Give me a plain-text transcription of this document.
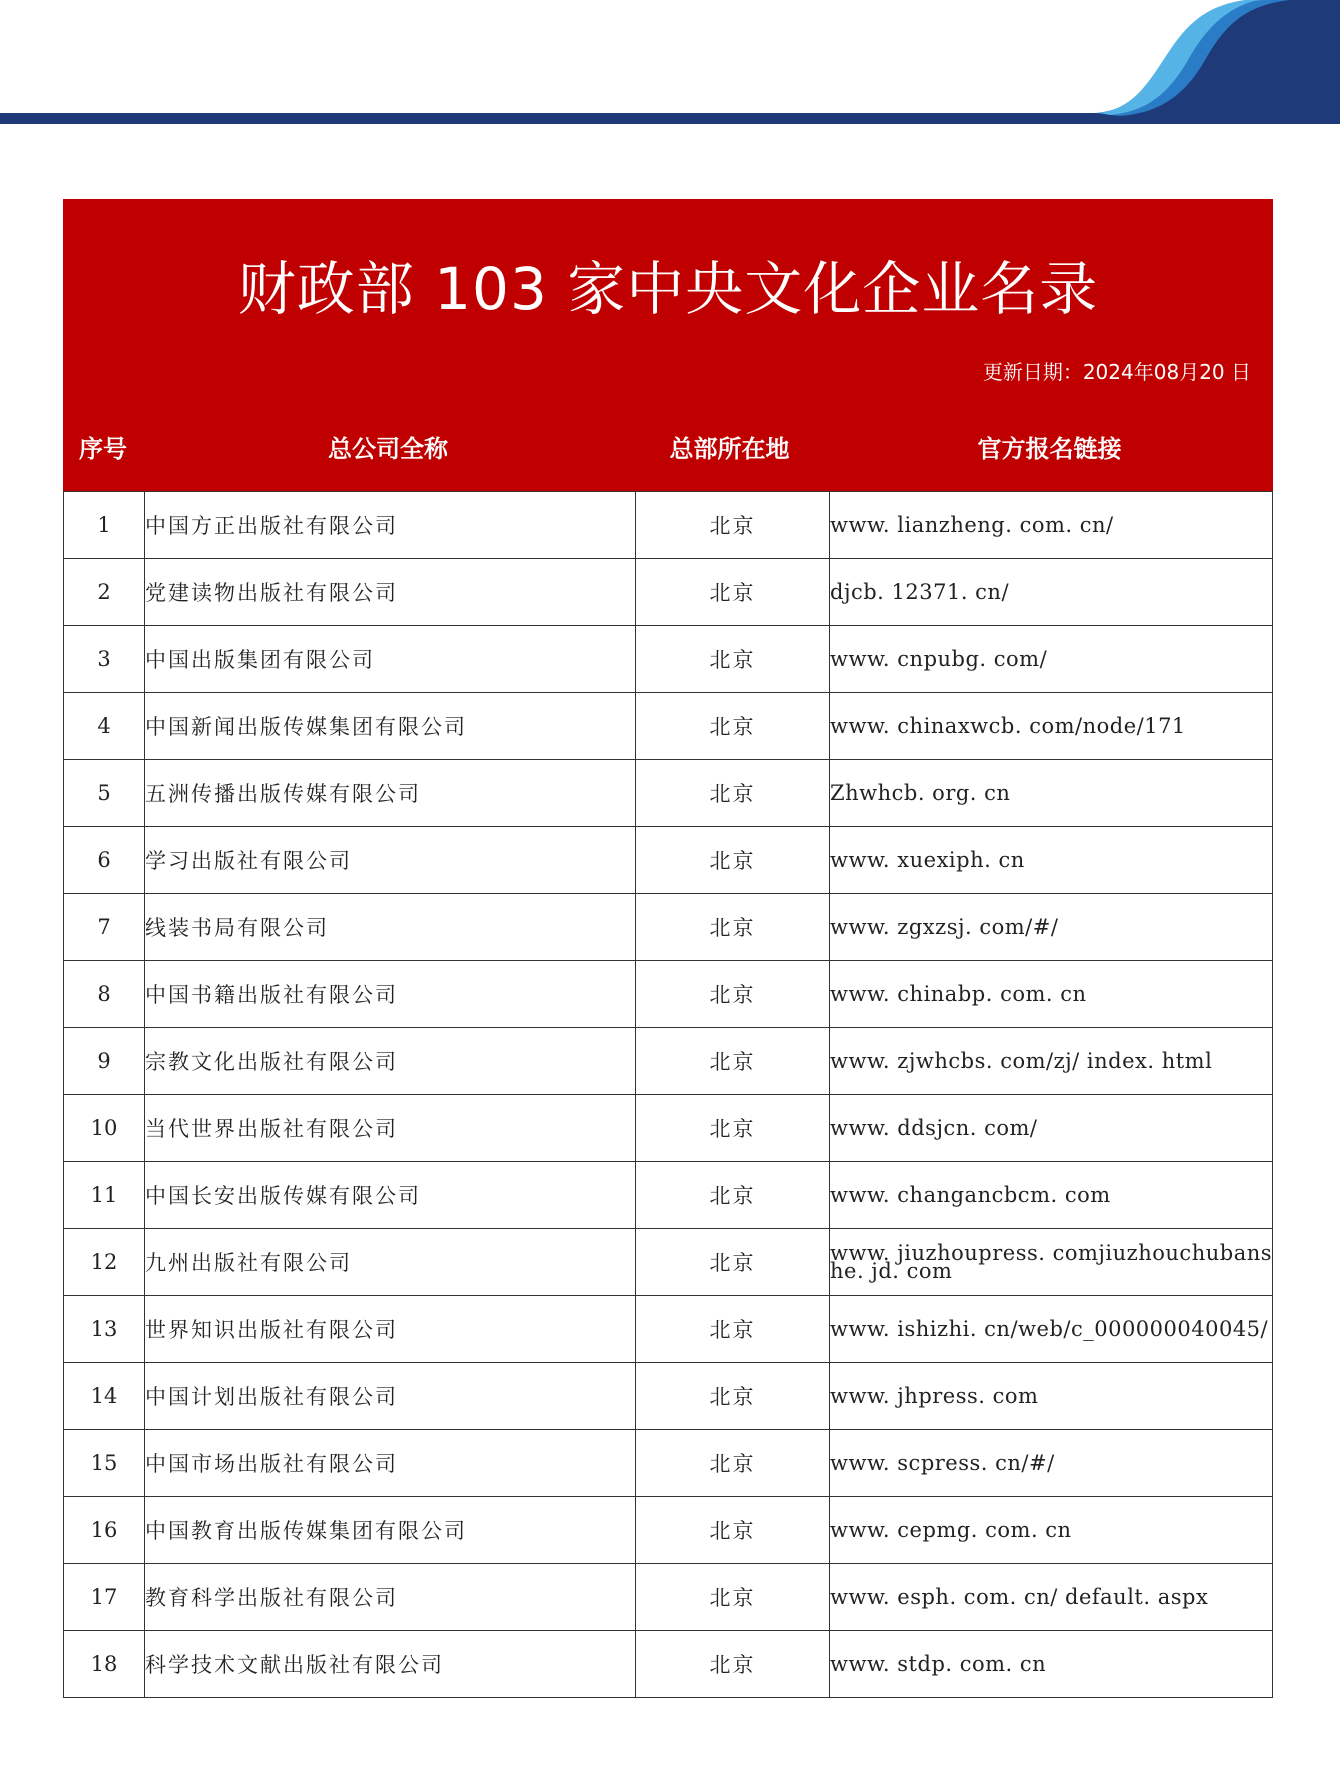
财政部 103 家中央文化企业名录
更新日期：2024年08月20 日
序号	总公司全称	总部所在地	官方报名链接
1	中国方正出版社有限公司	北京	www. lianzheng. com. cn/
2	党建读物出版社有限公司	北京	djcb. 12371. cn/
3	中国出版集团有限公司	北京	www. cnpubg. com/
4	中国新闻出版传媒集团有限公司	北京	www. chinaxwcb. com/node/171
5	五洲传播出版传媒有限公司	北京	Zhwhcb. org. cn
6	学习出版社有限公司	北京	www. xuexiph. cn
7	线装书局有限公司	北京	www. zgxzsj. com/#/
8	中国书籍出版社有限公司	北京	www. chinabp. com. cn
9	宗教文化出版社有限公司	北京	www. zjwhcbs. com/zj/ index. html
10	当代世界出版社有限公司	北京	www. ddsjcn. com/
11	中国长安出版传媒有限公司	北京	www. changancbcm. com
12	九州出版社有限公司	北京	www. jiuzhoupress. comjiuzhouchubanshe. jd. com
13	世界知识出版社有限公司	北京	www. ishizhi. cn/web/c_000000040045/
14	中国计划出版社有限公司	北京	www. jhpress. com
15	中国市场出版社有限公司	北京	www. scpress. cn/#/
16	中国教育出版传媒集团有限公司	北京	www. cepmg. com. cn
17	教育科学出版社有限公司	北京	www. esph. com. cn/ default. aspx
18	科学技术文献出版社有限公司	北京	www. stdp. com. cn
